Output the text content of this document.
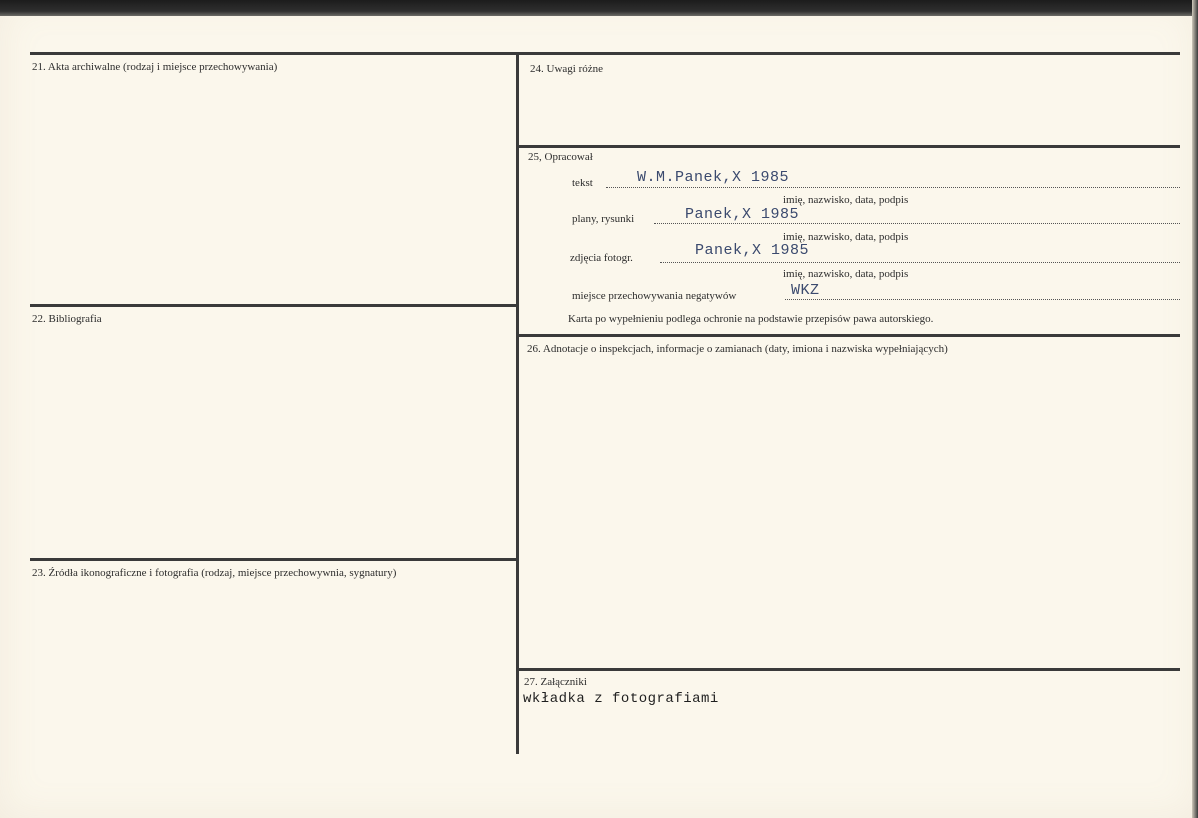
21. Akta archiwalne (rodzaj i miejsce przechowywania)
22. Bibliografia
23. Źródła ikonograficzne i fotografia (rodzaj, miejsce przechowywnia, sygnatury)
24. Uwagi różne
25, Opracował
tekst	W.M.Panek,X 1985
imię, nazwisko, data, podpis
plany, rysunki	Panek,X 1985
imię, nazwisko, data, podpis
zdjęcia fotogr.	Panek,X 1985
imię, nazwisko, data, podpis
miejsce przechowywania negatywów	WKZ
Karta po wypełnieniu podlega ochronie na podstawie przepisów pawa autorskiego.
26. Adnotacje o inspekcjach, informacje o zamianach (daty, imiona i nazwiska wypełniających)
27. Załączniki
wkładka z fotografiami
